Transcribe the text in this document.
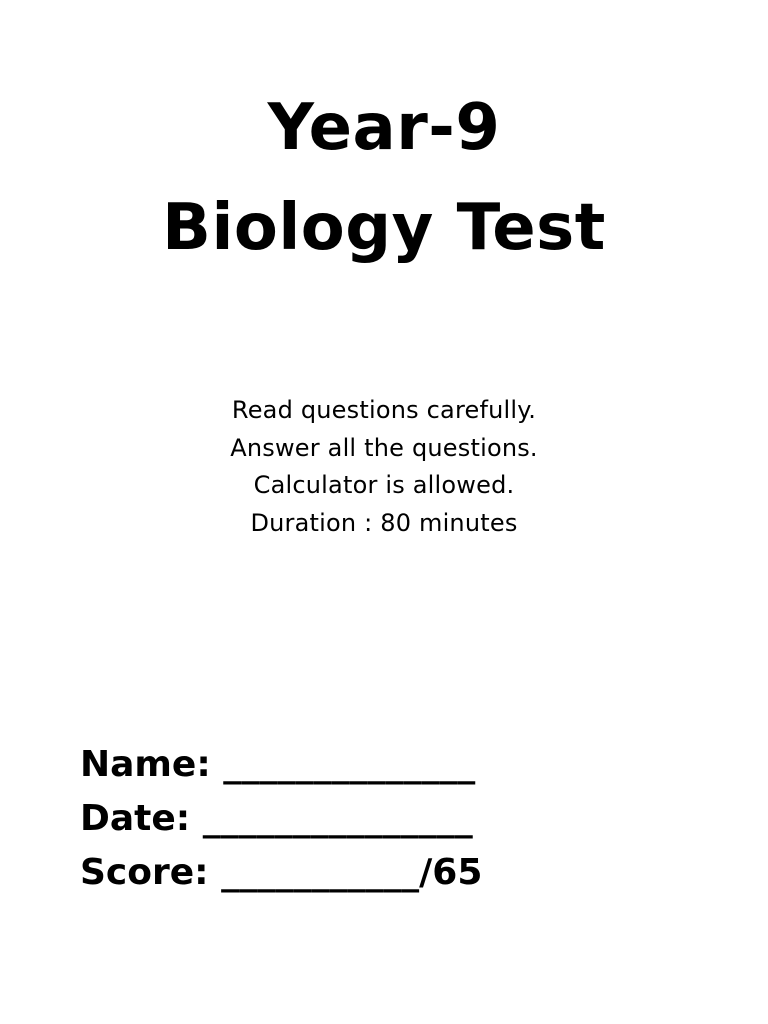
Year-9
Biology Test
Read questions carefully.
Answer all the questions.
Calculator is allowed.
Duration : 80 minutes
Name: ______________
Date: _______________
Score: ___________/65
